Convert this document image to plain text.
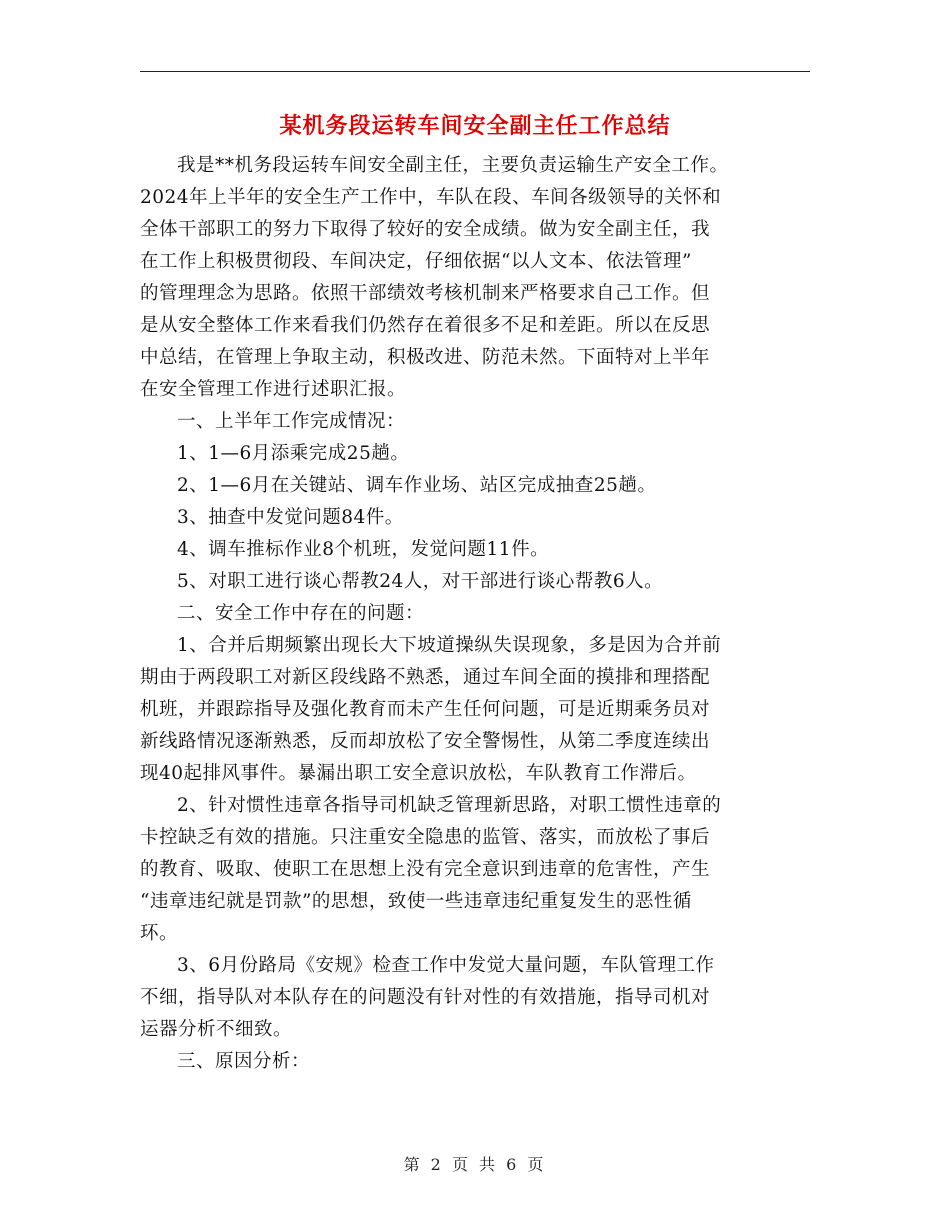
某机务段运转车间安全副主任工作总结
我是**机务段运转车间安全副主任，主要负责运输生产安全工作。
2024年上半年的安全生产工作中，车队在段、车间各级领导的关怀和
全体干部职工的努力下取得了较好的安全成绩。做为安全副主任，我
在工作上积极贯彻段、车间决定，仔细依据“以人文本、依法管理”
的管理理念为思路。依照干部绩效考核机制来严格要求自己工作。但
是从安全整体工作来看我们仍然存在着很多不足和差距。所以在反思
中总结，在管理上争取主动，积极改进、防范未然。下面特对上半年
在安全管理工作进行述职汇报。
一、上半年工作完成情况：
1、1—6月添乘完成25趟。
2、1—6月在关键站、调车作业场、站区完成抽查25趟。
3、抽查中发觉问题84件。
4、调车推标作业8个机班，发觉问题11件。
5、对职工进行谈心帮教24人，对干部进行谈心帮教6人。
二、安全工作中存在的问题：
1、合并后期频繁出现长大下坡道操纵失误现象，多是因为合并前
期由于两段职工对新区段线路不熟悉，通过车间全面的摸排和理搭配
机班，并跟踪指导及强化教育而未产生任何问题，可是近期乘务员对
新线路情况逐渐熟悉，反而却放松了安全警惕性，从第二季度连续出
现40起排风事件。暴漏出职工安全意识放松，车队教育工作滞后。
2、针对惯性违章各指导司机缺乏管理新思路，对职工惯性违章的
卡控缺乏有效的措施。只注重安全隐患的监管、落实，而放松了事后
的教育、吸取、使职工在思想上没有完全意识到违章的危害性，产生
“违章违纪就是罚款”的思想，致使一些违章违纪重复发生的恶性循
环。
3、6月份路局《安规》检查工作中发觉大量问题，车队管理工作
不细，指导队对本队存在的问题没有针对性的有效措施，指导司机对
运器分析不细致。
三、原因分析：
第 2 页 共 6 页
